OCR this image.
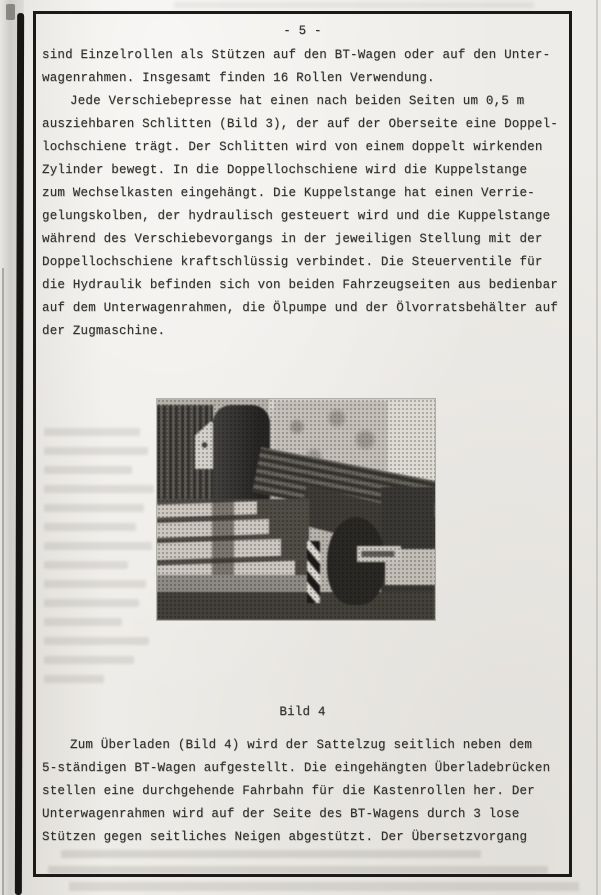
- 5 -
sind Einzelrollen als Stützen auf den BT-Wagen oder auf den Unter-
wagenrahmen. Insgesamt finden 16 Rollen Verwendung.
Jede Verschiebepresse hat einen nach beiden Seiten um 0,5 m
ausziehbaren Schlitten (Bild 3), der auf der Oberseite eine Doppel-
lochschiene trägt. Der Schlitten wird von einem doppelt wirkenden
Zylinder bewegt. In die Doppellochschiene wird die Kuppelstange
zum Wechselkasten eingehängt. Die Kuppelstange hat einen Verrie-
gelungskolben, der hydraulisch gesteuert wird und die Kuppelstange
während des Verschiebevorgangs in der jeweiligen Stellung mit der
Doppellochschiene kraftschlüssig verbindet. Die Steuerventile für
die Hydraulik befinden sich von beiden Fahrzeugseiten aus bedienbar
auf dem Unterwagenrahmen, die Ölpumpe und der Ölvorratsbehälter auf
der Zugmaschine.
Bild 4
Zum Überladen (Bild 4) wird der Sattelzug seitlich neben dem
5-ständigen BT-Wagen aufgestellt. Die eingehängten Überladebrücken
stellen eine durchgehende Fahrbahn für die Kastenrollen her. Der
Unterwagenrahmen wird auf der Seite des BT-Wagens durch 3 lose
Stützen gegen seitliches Neigen abgestützt. Der Übersetzvorgang
